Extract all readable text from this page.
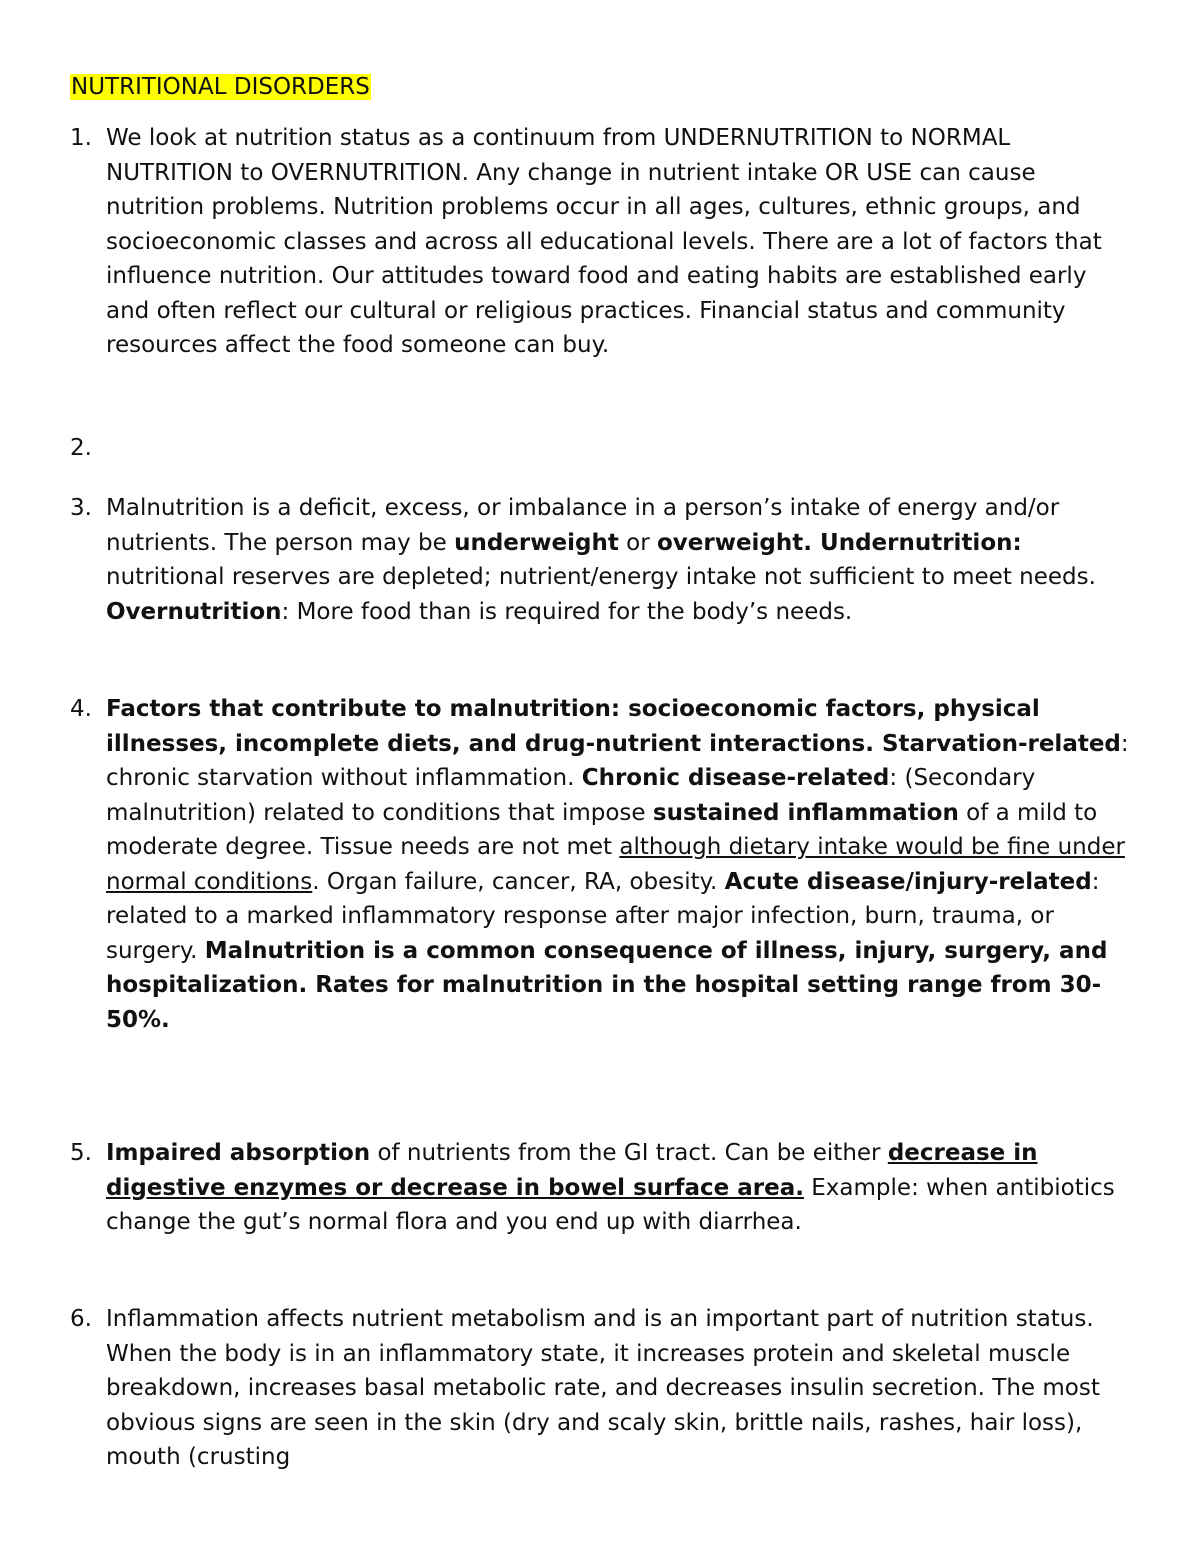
NUTRITIONAL DISORDERS
1. We look at nutrition status as a continuum from UNDERNUTRITION to NORMAL NUTRITION to OVERNUTRITION. Any change in nutrient intake OR USE can cause nutrition problems. Nutrition problems occur in all ages, cultures, ethnic groups, and socioeconomic classes and across all educational levels. There are a lot of factors that influence nutrition. Our attitudes toward food and eating habits are established early and often reflect our cultural or religious practices. Financial status and community resources affect the food someone can buy.
2.
3. Malnutrition is a deficit, excess, or imbalance in a person’s intake of energy and/or nutrients. The person may be underweight or overweight. Undernutrition: nutritional reserves are depleted; nutrient/energy intake not sufficient to meet needs. Overnutrition: More food than is required for the body’s needs.
4. Factors that contribute to malnutrition: socioeconomic factors, physical illnesses, incomplete diets, and drug-nutrient interactions. Starvation-related: chronic starvation without inflammation. Chronic disease-related: (Secondary malnutrition) related to conditions that impose sustained inflammation of a mild to moderate degree. Tissue needs are not met although dietary intake would be fine under normal conditions. Organ failure, cancer, RA, obesity. Acute disease/injury-related: related to a marked inflammatory response after major infection, burn, trauma, or surgery. Malnutrition is a common consequence of illness, injury, surgery, and hospitalization. Rates for malnutrition in the hospital setting range from 30-50%.
5. Impaired absorption of nutrients from the GI tract. Can be either decrease in digestive enzymes or decrease in bowel surface area. Example: when antibiotics change the gut’s normal flora and you end up with diarrhea.
6. Inflammation affects nutrient metabolism and is an important part of nutrition status. When the body is in an inflammatory state, it increases protein and skeletal muscle breakdown, increases basal metabolic rate, and decreases insulin secretion. The most obvious signs are seen in the skin (dry and scaly skin, brittle nails, rashes, hair loss), mouth (crusting
